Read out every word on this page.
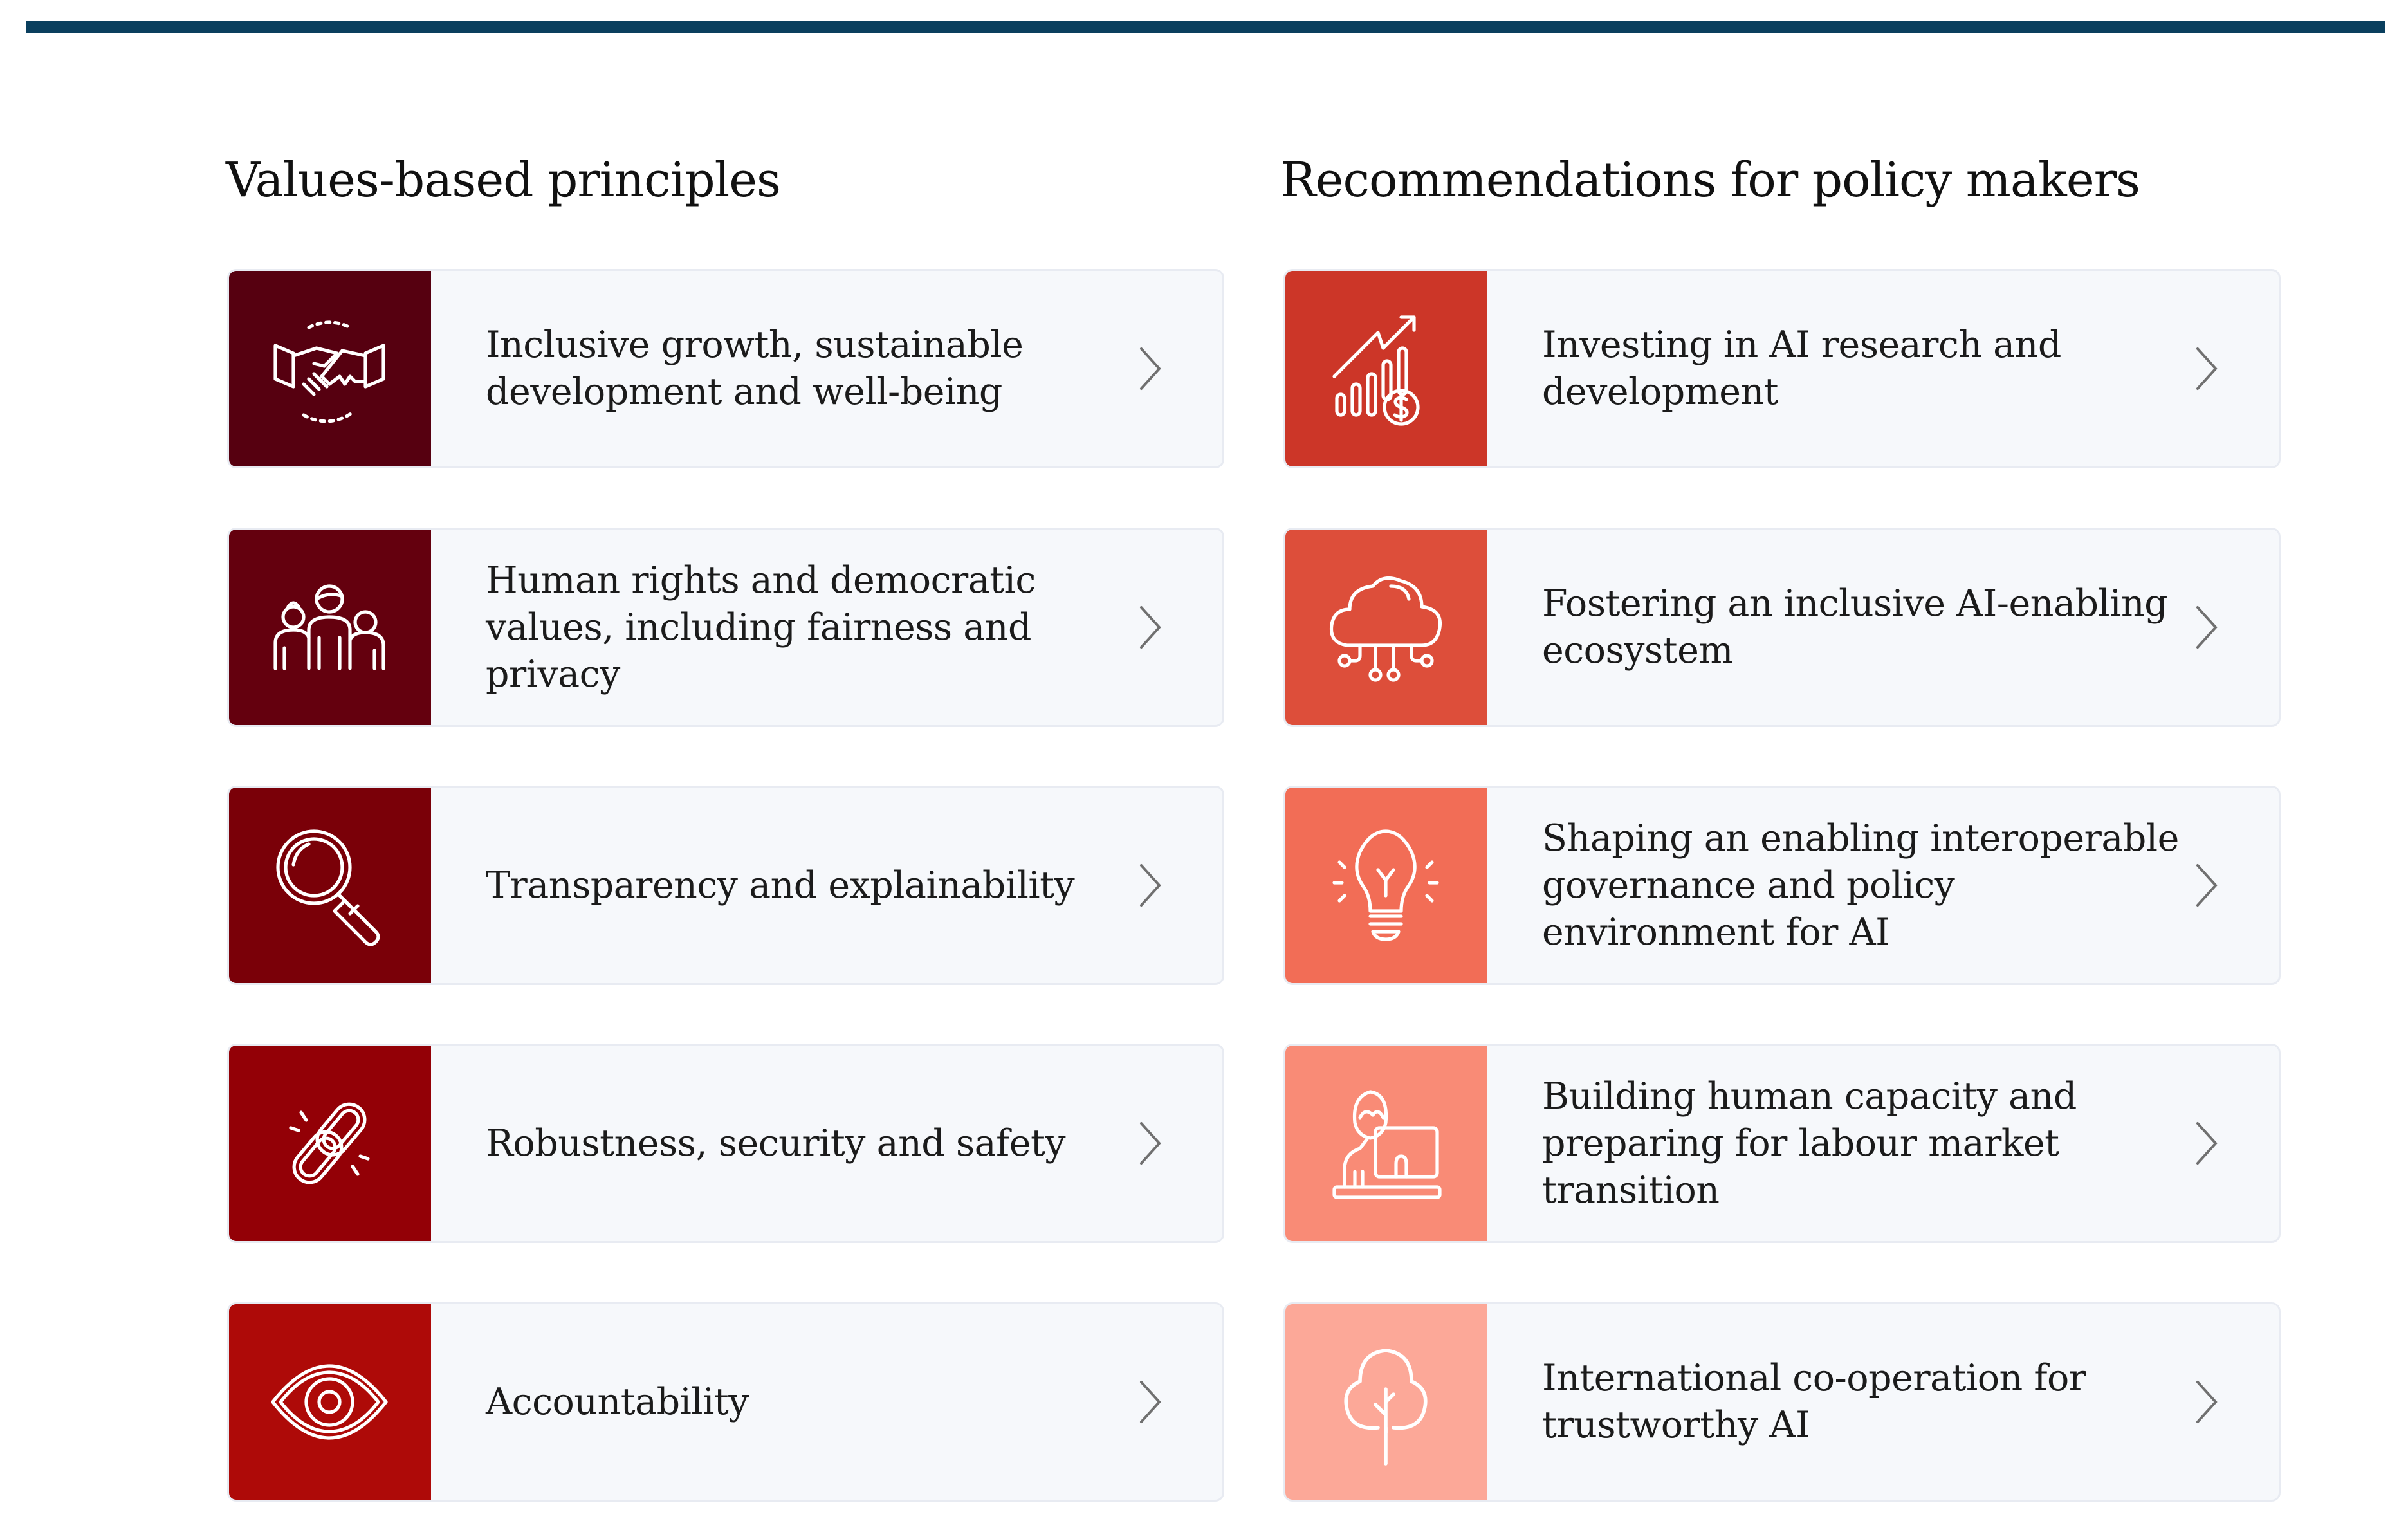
Values-based principles	Recommendations for policy makers
Inclusive growth, sustainable development and well-being
Human rights and democratic values, including fairness and privacy
Transparency and explainability
Robustness, security and safety
Accountability
Investing in AI research and development
Fostering an inclusive AI-enabling ecosystem
Shaping an enabling interoperable governance and policy environment for AI
Building human capacity and preparing for labour market transition
International co-operation for trustworthy AI
